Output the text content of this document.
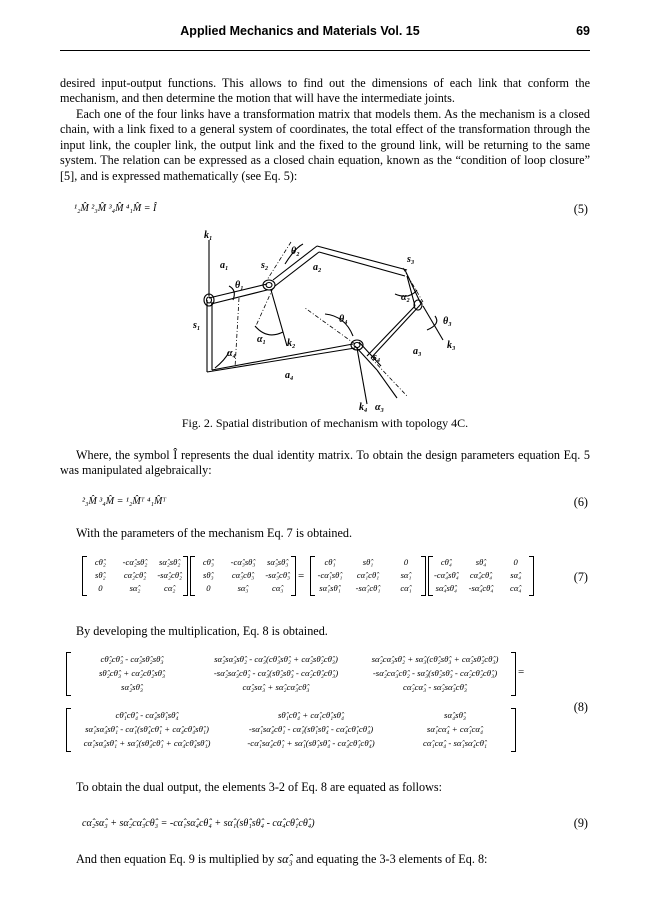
Applied Mechanics and Materials Vol. 15	69
desired input-output functions. This allows to find out the dimensions of each link that conform the mechanism, and then determine the motion that will have the intermediate joints.
Each one of the four links have a transformation matrix that models them. As the mechanism is a closed chain, with a link fixed to a general system of coordinates, the total effect of the transformation through the input link, the coupler link, the output link and the fixed to the ground link, will be returning to the same system. The relation can be expressed as a closed chain equation, known as the “condition of loop closure” [5], and is expressed mathematically (see Eq. 5):
¹₂M̂ ²₃M̂ ³₄M̂ ⁴₁M̂ = Î	(5)
k₁
k₂	k₃
k₄
a₁	a₂
a₃
a₄
s₁
s₂
s₃
s₄
θ₁
θ₂
θ₃
θ₄
α₁
α₂
α₃
α₄
Fig. 2. Spatial distribution of mechanism with topology 4C.
Where, the symbol Î represents the dual identity matrix. To obtain the design parameters equation Eq. 5 was manipulated algebraically:
²₃M̂ ³₄M̂ = ¹₂M̂ᵀ ⁴₁M̂ᵀ	(6)
With the parameters of the mechanism Eq. 7 is obtained.
cθ̂₂	-cα̂₂sθ̂₂	sα̂₂sθ̂₂
sθ̂₂	cα̂₂cθ̂₂	-sα̂₂cθ̂₂
0	sα̂₂	cα̂₂
cθ̂₃	-cα̂₃sθ̂₃	sα̂₃sθ̂₃
sθ̂₃	cα̂₃cθ̂₃	-sα̂₃cθ̂₃
0	sα̂₃	cα̂₃
=
cθ̂₁	sθ̂₁	0
-cα̂₁sθ̂₁	cα̂₁cθ̂₁	sα̂₁
sα̂₁sθ̂₁	-sα̂₁cθ̂₁	cα̂₁
cθ̂₄	sθ̂₄	0
-cα̂₄sθ̂₄	cα̂₄cθ̂₄	sα̂₄
sα̂₄sθ̂₄	-sα̂₄cθ̂₄	cα̂₄
(7)
By developing the multiplication, Eq. 8 is obtained.
cθ̂₂cθ̂₃ - cα̂₃sθ̂₂sθ̂₃	sα̂₂sα̂₃sθ̂₂ - cα̂₃(cθ̂₃sθ̂₂ + cα̂₂sθ̂₂cθ̂₃)	sα̂₂cα̂₃sθ̂₂ + sα̂₃(cθ̂₂sθ̂₃ + cα̂₂sθ̂₂cθ̂₃)
sθ̂₂cθ̂₃ + cα̂₂cθ̂₂sθ̂₃	-sα̂₂sα̂₃cθ̂₂ - cα̂₃(sθ̂₂sθ̂₃ - cα̂₂cθ̂₂cθ̂₃)	-sα̂₂cα̂₃cθ̂₂ - sα̂₃(sθ̂₂sθ̂₃ - cα̂₂cθ̂₂cθ̂₃)
sα̂₂sθ̂₃	cα̂₂sα̂₃ + sα̂₂cα̂₃cθ̂₃	cα̂₂cα̂₃ - sα̂₂sα̂₃cθ̂₃
=
cθ̂₁cθ̂₄ - cα̂₄sθ̂₁sθ̂₄	sθ̂₁cθ̂₄ + cα̂₁cθ̂₁sθ̂₄	sα̂₄sθ̂₃
sα̂₁sα̂₄sθ̂₁ - cα̂₁(sθ̂₄cθ̂₁ + cα̂₄cθ̂₄sθ̂₁)	-sα̂₁sα̂₄cθ̂₁ - cα̂₁(sθ̂₁sθ̂₄ - cα̂₄cθ̂₁cθ̂₄)	sα̂₁cα̂₄ + cα̂₁cα̂₄
cα̂₁sα̂₄sθ̂₁ + sα̂₁(sθ̂₄cθ̂₁ + cα̂₄cθ̂₄sθ̂₁)	-cα̂₁sα̂₄cθ̂₁ + sα̂₁(sθ̂₁sθ̂₄ - cα̂₄cθ̂₁cθ̂₄)	cα̂₁cα̂₄ - sα̂₁sα̂₄cθ̂₁
(8)
To obtain the dual output, the elements 3-2 of Eq. 8 are equated as follows:
cα̂₂sα̂₃ + sα̂₂cα̂₃cθ̂₃ = -cα̂₁sα̂₄cθ̂₄ + sα̂₁(sθ̂₁sθ̂₄ - cα̂₄cθ̂₁cθ̂₄)	(9)
And then equation Eq. 9 is multiplied by sα̂₃ and equating the 3-3 elements of Eq. 8:
